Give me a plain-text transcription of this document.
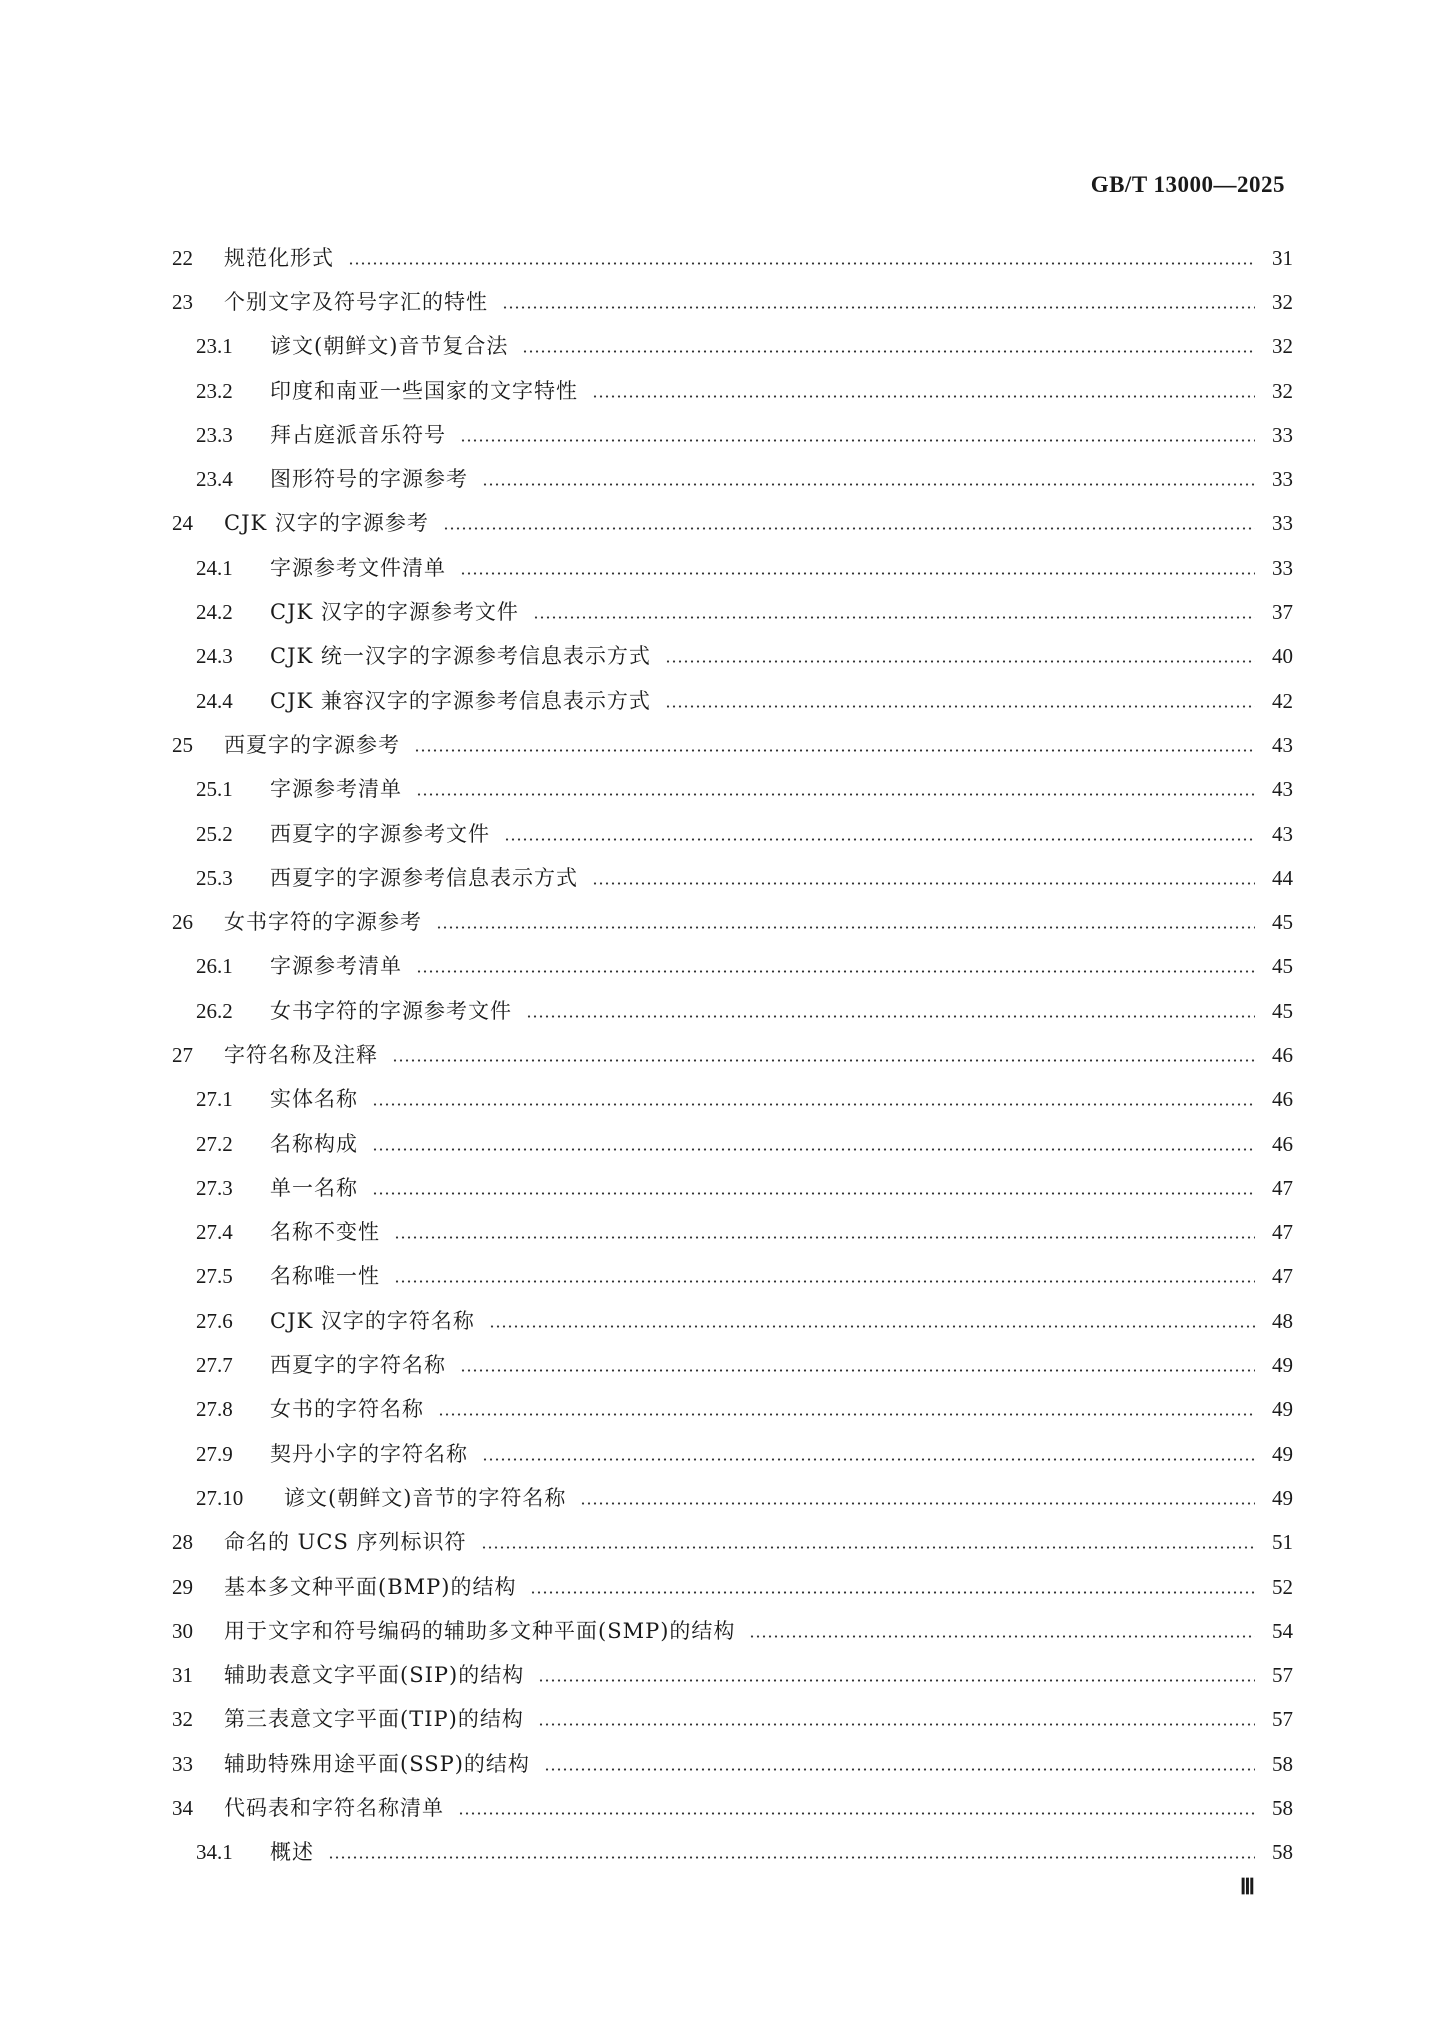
GB/T 13000—2025
22	规范化形式	31
23	个别文字及符号字汇的特性	32
23.1	谚文(朝鲜文)音节复合法	32
23.2	印度和南亚一些国家的文字特性	32
23.3	拜占庭派音乐符号	33
23.4	图形符号的字源参考	33
24	CJK 汉字的字源参考	33
24.1	字源参考文件清单	33
24.2	CJK 汉字的字源参考文件	37
24.3	CJK 统一汉字的字源参考信息表示方式	40
24.4	CJK 兼容汉字的字源参考信息表示方式	42
25	西夏字的字源参考	43
25.1	字源参考清单	43
25.2	西夏字的字源参考文件	43
25.3	西夏字的字源参考信息表示方式	44
26	女书字符的字源参考	45
26.1	字源参考清单	45
26.2	女书字符的字源参考文件	45
27	字符名称及注释	46
27.1	实体名称	46
27.2	名称构成	46
27.3	单一名称	47
27.4	名称不变性	47
27.5	名称唯一性	47
27.6	CJK 汉字的字符名称	48
27.7	西夏字的字符名称	49
27.8	女书的字符名称	49
27.9	契丹小字的字符名称	49
27.10	谚文(朝鲜文)音节的字符名称	49
28	命名的 UCS 序列标识符	51
29	基本多文种平面(BMP)的结构	52
30	用于文字和符号编码的辅助多文种平面(SMP)的结构	54
31	辅助表意文字平面(SIP)的结构	57
32	第三表意文字平面(TIP)的结构	57
33	辅助特殊用途平面(SSP)的结构	58
34	代码表和字符名称清单	58
34.1	概述	58
Ⅲ
